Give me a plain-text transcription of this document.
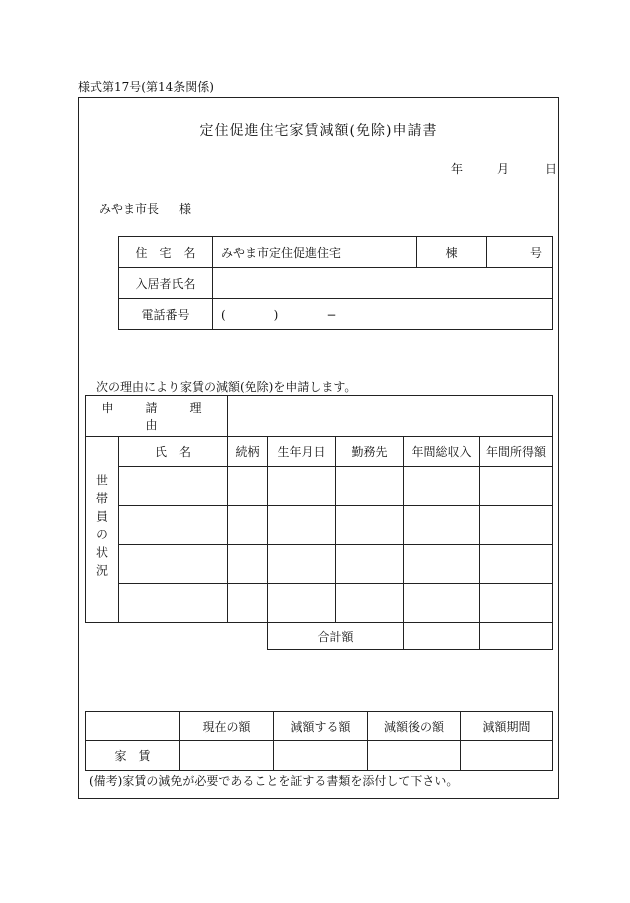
様式第17号(第14条関係)
定住促進住宅家賃減額(免除)申請書
年	月	日
みやま市長 様
住　宅　名	みやま市定住促進住宅	棟	号
入居者氏名			
電話番号	(　　　　)　　　　−		
次の理由により家賃の減額(免除)を申請します。
申　請　理　由						
世帯員の状況	氏　名	続柄	生年月日	勤務先	年間総収入	年間所得額

			合計額			
	現在の額	減額する額	減額後の額	減額期間
家　賃				
(備考)家賃の減免が必要であることを証する書類を添付して下さい。
